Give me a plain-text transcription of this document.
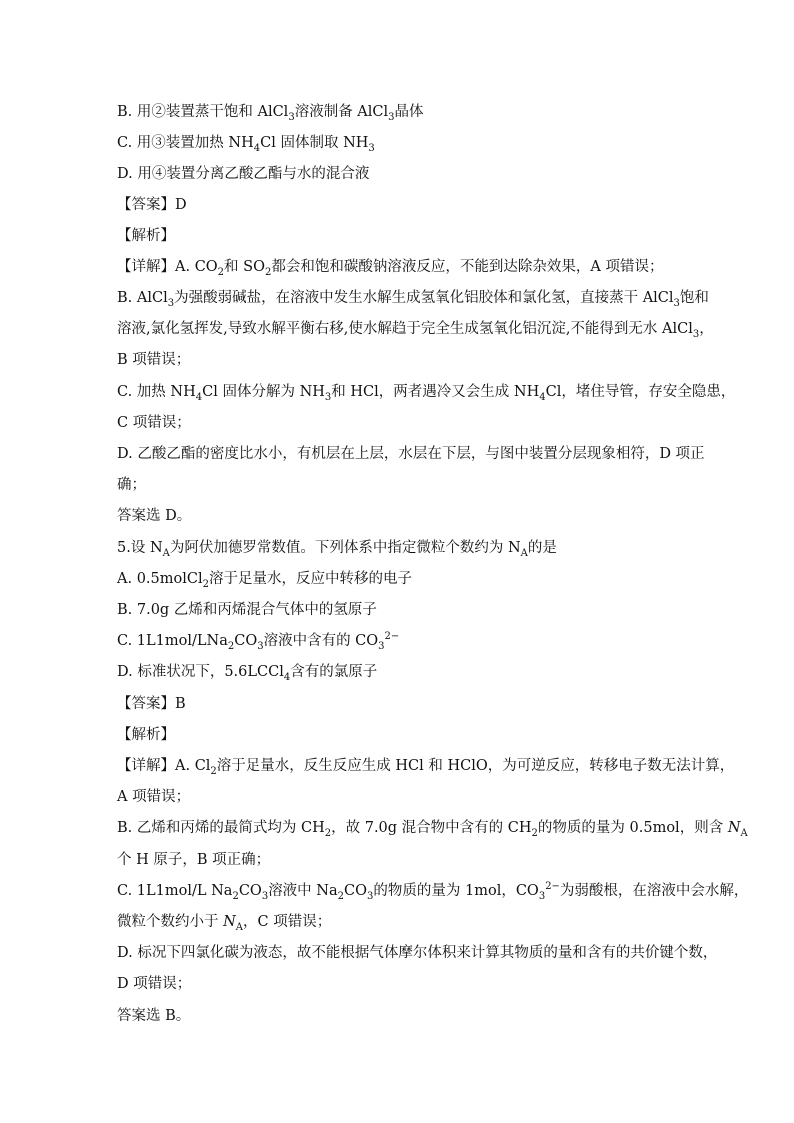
B. 用②装置蒸干饱和 AlCl$_3$溶液制备 AlCl$_3$晶体
C. 用③装置加热 $NH_4Cl$ 固体制取 $NH_3$
D. 用④装置分离乙酸乙酯与水的混合液
【答案】D
【解析】
【详解】A. $CO_2$和 $SO_2$都会和饱和碳酸钠溶液反应，不能到达除杂效果，A 项错误；
B. AlCl$_3$为强酸弱碱盐，在溶液中发生水解生成氢氧化铝胶体和氯化氢，直接蒸干 AlCl$_3$饱和
溶液,氯化氢挥发,导致水解平衡右移,使水解趋于完全生成氢氧化铝沉淀,不能得到无水 AlCl$_3$，
B 项错误；
C. 加热 $NH_4Cl$ 固体分解为 $NH_3$和 HCl，两者遇冷又会生成 $NH_4Cl$，堵住导管，存安全隐患，
C 项错误；
D. 乙酸乙酯的密度比水小，有机层在上层，水层在下层，与图中装置分层现象相符，D 项正
确；
答案选 D。
5.设 $N_A$为阿伏加德罗常数值。下列体系中指定微粒个数约为 $N_A$的是
A. 0.5molCl$_2$溶于足量水，反应中转移的电子
B. 7.0g 乙烯和丙烯混合气体中的氢原子
C. $1L1mol/LNa_2CO_3$溶液中含有的 $CO_3^{2-}$
D. 标准状况下，5.6LCCl$_4$含有的氯原子
【答案】B
【解析】
【详解】A. $Cl_2$溶于足量水，反生反应生成 HCl 和 HClO，为可逆反应，转移电子数无法计算，
A 项错误；
B. 乙烯和丙烯的最简式均为 $CH_2$，故 7.0g 混合物中含有的 $CH_2$的物质的量为 0.5mol，则含 $N_A$
个 H 原子，B 项正确；
C. 1L1mol/L $Na_2CO_3$溶液中 $Na_2CO_3$的物质的量为 1mol，$CO_3^{2-}$为弱酸根，在溶液中会水解，
微粒个数约小于 $N_A$，C 项错误；
D. 标况下四氯化碳为液态，故不能根据气体摩尔体积来计算其物质的量和含有的共价键个数，
D 项错误；
答案选 B。
